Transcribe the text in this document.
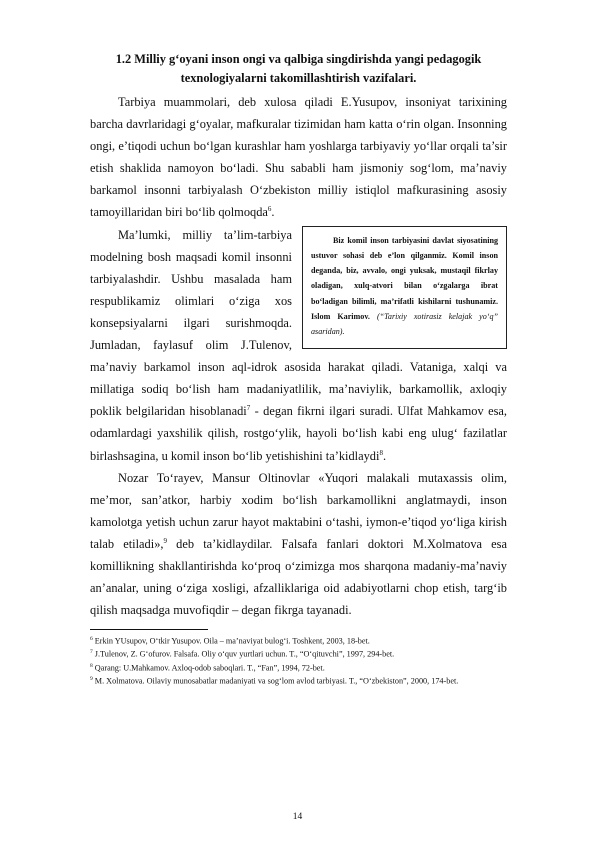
1.2 Milliy g‘oyani inson ongi va qalbiga singdirishda yangi pedagogik
texnologiyalarni takomillashtirish vazifalari.

Tarbiya muammolari, deb xulosa qiladi E.Yusupov, insoniyat tarixining barcha davrlaridagi g‘oyalar, mafkuralar tizimidan ham katta o‘rin olgan. Insonning ongi, e’tiqodi uchun bo‘lgan kurashlar ham yoshlarga tarbiyaviy yo‘llar orqali ta’sir etish shaklida namoyon bo‘ladi. Shu sababli ham jismoniy sog‘lom, ma’naviy barkamol insonni tarbiyalash O‘zbekiston milliy istiqlol mafkurasining asosiy tamoyillaridan biri bo‘lib qolmoqda$^6$.

Biz komil inson tarbiyasini davlat siyosatining ustuvor sohasi deb e’lon qilganmiz. Komil inson deganda, biz, avvalo, ongi yuksak, mustaqil fikrlay oladigan, xulq-atvori bilan o‘zgalarga ibrat bo‘ladigan bilimli, ma’rifatli kishilarni tushunamiz. Islom Karimov. (“Tarixiy xotirasiz kelajak yo‘q” asaridan).

Ma’lumki, milliy ta’lim-tarbiya modelning bosh maqsadi komil insonni tarbiyalashdir. Ushbu masalada ham respublikamiz olimlari o‘ziga xos konsepsiyalarni ilgari surishmoqda. Jumladan, faylasuf olim J.Tulenov, ma’naviy barkamol inson aql-idrok asosida harakat qiladi. Vataniga, xalqi va millatiga sodiq bo‘lish ham madaniyatlilik, ma’naviylik, barkamollik, axloqiy poklik belgilaridan hisoblanadi$^7$ - degan fikrni ilgari suradi. Ulfat Mahkamov esa, odamlardagi yaxshilik qilish, rostgo‘ylik, hayoli bo‘lish kabi eng ulug‘ fazilatlar birlashsagina, u komil inson bo‘lib yetishishini ta’kidlaydi$^8$.

Nozar To‘rayev, Mansur Oltinovlar «Yuqori malakali mutaxassis olim, me’mor, san’atkor, harbiy xodim bo‘lish barkamollikni anglatmaydi, inson kamolotga yetish uchun zarur hayot maktabini o‘tashi, iymon-e’tiqod yo‘liga kirish talab etiladi»,$^9$ deb ta’kidlaydilar. Falsafa fanlari doktori M.Xolmatova esa komillikning shakllantirishda ko‘proq o‘zimizga mos sharqona madaniy-ma’naviy an’analar, uning o‘ziga xosligi, afzalliklariga oid adabiyotlarni chop etish, targ‘ib qilish maqsadga muvofiqdir – degan fikrga tayanadi.

$^6$ Erkin YUsupov, O‘tkir Yusupov. Oila – ma’naviyat bulog‘i. Toshkent, 2003, 18-bet.

$^7$ J.Tulenov, Z. G‘ofurov. Falsafa. Oliy o‘quv yurtlari uchun. T., “O‘qituvchi”, 1997, 294-bet.

$^8$ Qarang: U.Mahkamov. Axloq-odob saboqlari. T., “Fan”, 1994, 72-bet.

$^9$ M. Xolmatova. Oilaviy munosabatlar madaniyati va sog‘lom avlod tarbiyasi. T., “O‘zbekiston”, 2000, 174-bet.

14
